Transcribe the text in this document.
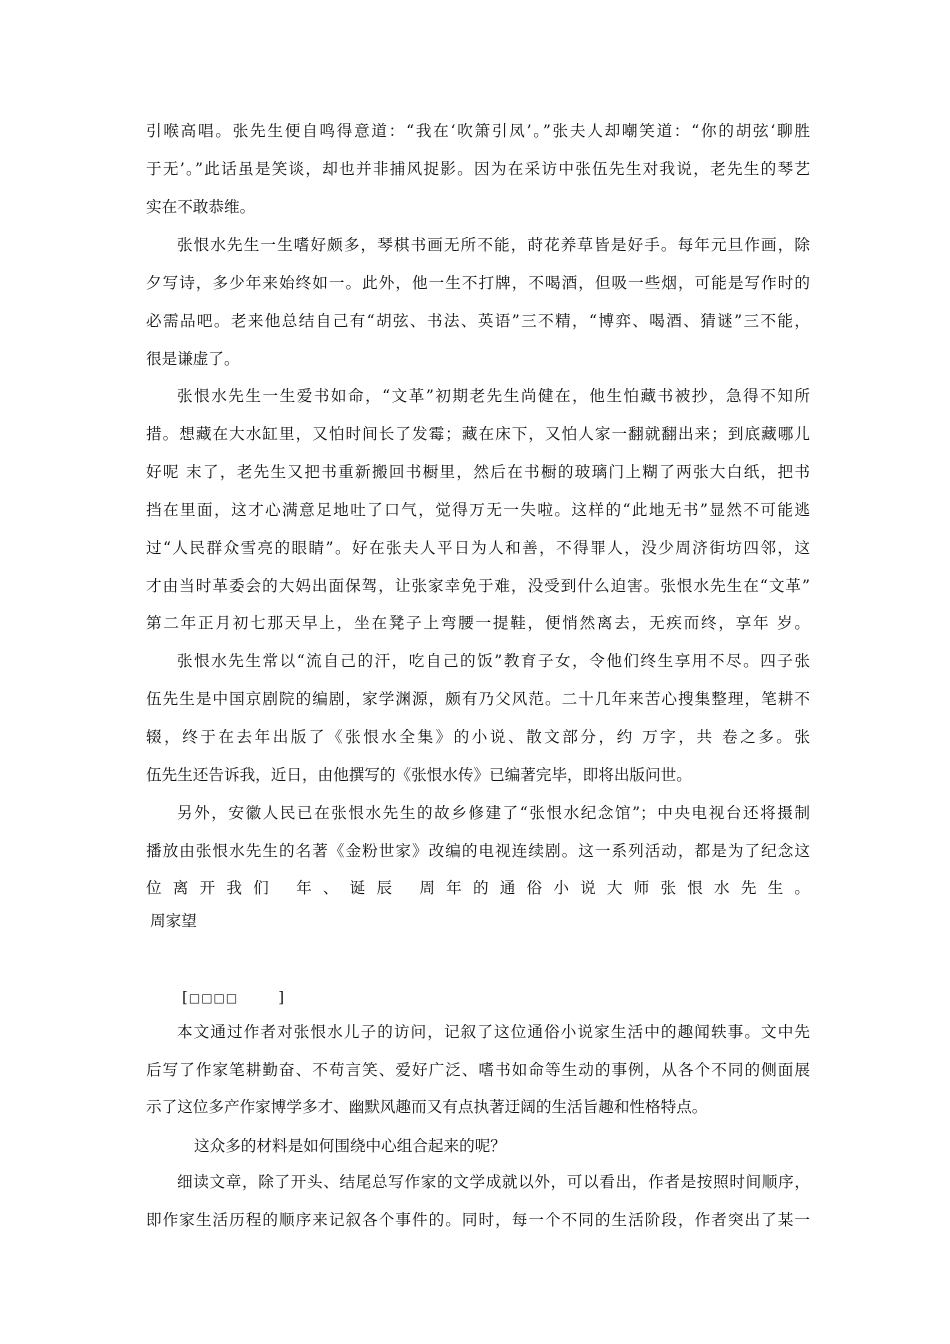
引喉高唱。张先生便自鸣得意道：“我在‘吹箫引凤’。”张夫人却嘲笑道：“你的胡弦‘聊胜
于无’。”此话虽是笑谈，却也并非捕风捉影。因为在采访中张伍先生对我说，老先生的琴艺
实在不敢恭维。
张恨水先生一生嗜好颇多，琴棋书画无所不能，莳花养草皆是好手。每年元旦作画，除
夕写诗，多少年来始终如一。此外，他一生不打牌，不喝酒，但吸一些烟，可能是写作时的
必需品吧。老来他总结自己有“胡弦、书法、英语”三不精，“博弈、喝酒、猜谜”三不能，
很是谦虚了。
张恨水先生一生爱书如命，“文革”初期老先生尚健在，他生怕藏书被抄，急得不知所
措。想藏在大水缸里，又怕时间长了发霉；藏在床下，又怕人家一翻就翻出来；到底藏哪儿
好呢 末了，老先生又把书重新搬回书橱里，然后在书橱的玻璃门上糊了两张大白纸，把书
挡在里面，这才心满意足地吐了口气，觉得万无一失啦。这样的“此地无书”显然不可能逃
过“人民群众雪亮的眼睛”。好在张夫人平日为人和善，不得罪人，没少周济街坊四邻，这
才由当时革委会的大妈出面保驾，让张家幸免于难，没受到什么迫害。张恨水先生在“文革”
第二年正月初七那天早上，坐在凳子上弯腰一提鞋，便悄然离去，无疾而终，享年 岁。
张恨水先生常以“流自己的汗，吃自己的饭”教育子女，令他们终生享用不尽。四子张
伍先生是中国京剧院的编剧，家学渊源，颇有乃父风范。二十几年来苦心搜集整理，笔耕不
辍，终于在去年出版了《张恨水全集》的小说、散文部分，约 万字，共 卷之多。张
伍先生还告诉我，近日，由他撰写的《张恨水传》已编著完毕，即将出版问世。
另外，安徽人民已在张恨水先生的故乡修建了“张恨水纪念馆”；中央电视台还将摄制
播放由张恨水先生的名著《金粉世家》改编的电视连续剧。这一系列活动，都是为了纪念这
位离开我们 年、诞辰 周年的通俗小说大师张恨水先生。
周家望
[□□□□	]
本文通过作者对张恨水儿子的访问，记叙了这位通俗小说家生活中的趣闻轶事。文中先
后写了作家笔耕勤奋、不苟言笑、爱好广泛、嗜书如命等生动的事例，从各个不同的侧面展
示了这位多产作家博学多才、幽默风趣而又有点执著迂阔的生活旨趣和性格特点。
这众多的材料是如何围绕中心组合起来的呢？
细读文章，除了开头、结尾总写作家的文学成就以外，可以看出，作者是按照时间顺序，
即作家生活历程的顺序来记叙各个事件的。同时，每一个不同的生活阶段，作者突出了某一
